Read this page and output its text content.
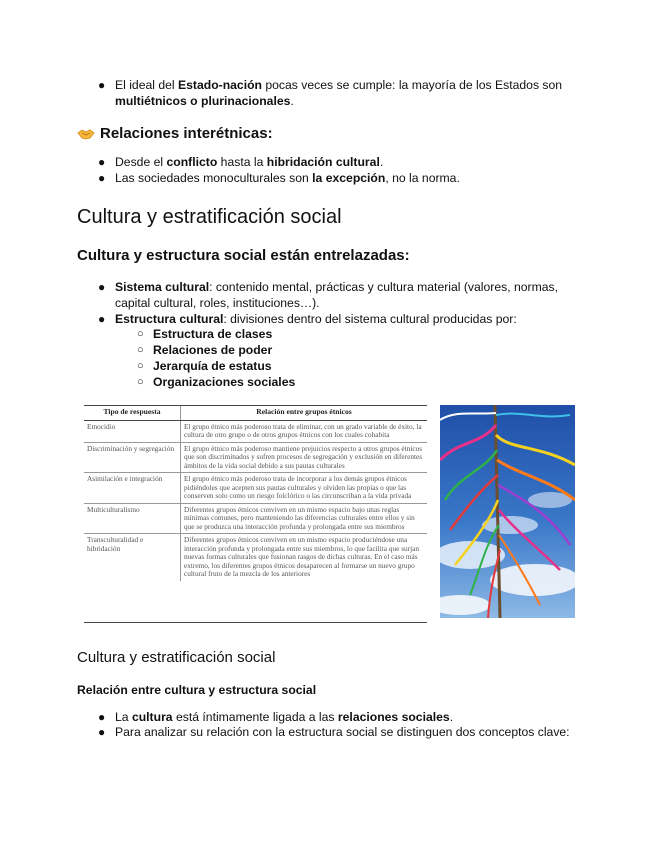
● El ideal del Estado-nación pocas veces se cumple: la mayoría de los Estados son
multiétnicos o plurinacionales.
Relaciones interétnicas:
● Desde el conflicto hasta la hibridación cultural.
● Las sociedades monoculturales son la excepción, no la norma.
Cultura y estratificación social
Cultura y estructura social están entrelazadas:
● Sistema cultural: contenido mental, prácticas y cultura material (valores, normas,
capital cultural, roles, instituciones…).
● Estructura cultural: divisiones dentro del sistema cultural producidas por:
○ Estructura de clases
○ Relaciones de poder
○ Jerarquía de estatus
○ Organizaciones sociales
Tipo de respuesta	Relación entre grupos étnicos
Etnocidio	El grupo étnico más poderoso trata de eliminar, con un grado variable de éxito, la cultura de otro grupo o de otros grupos étnicos con los cuales cohabita
Discriminación y segregación	El grupo étnico más poderoso mantiene prejuicios respecto a otros grupos étnicos que son discriminados y sufren procesos de segregación y exclusión en diferentes ámbitos de la vida social debido a sus pautas culturales
Asimilación e integración	El grupo étnico más poderoso trata de incorporar a los demás grupos étnicos pidiéndoles que acepten sus pautas culturales y olviden las propias o que las conserven solo como un riesgo folclórico o las circunscriban a la vida privada
Multiculturalismo	Diferentes grupos étnicos conviven en un mismo espacio bajo unas reglas mínimas comunes, pero manteniendo las diferencias culturales entre ellos y sin que se produzca una interacción profunda y prolongada entre sus miembros
Transculturalidad e hibridación	Diferentes grupos étnicos conviven en un mismo espacio produciéndose una interacción profunda y prolongada entre sus miembros, lo que facilita que surjan nuevas formas culturales que fusionan rasgos de dichas culturas. En el caso más extremo, los diferentes grupos étnicos desaparecen al formarse un nuevo grupo cultural fruto de la mezcla de los anteriores
Cultura y estratificación social
Relación entre cultura y estructura social
● La cultura está íntimamente ligada a las relaciones sociales.
● Para analizar su relación con la estructura social se distinguen dos conceptos clave:
